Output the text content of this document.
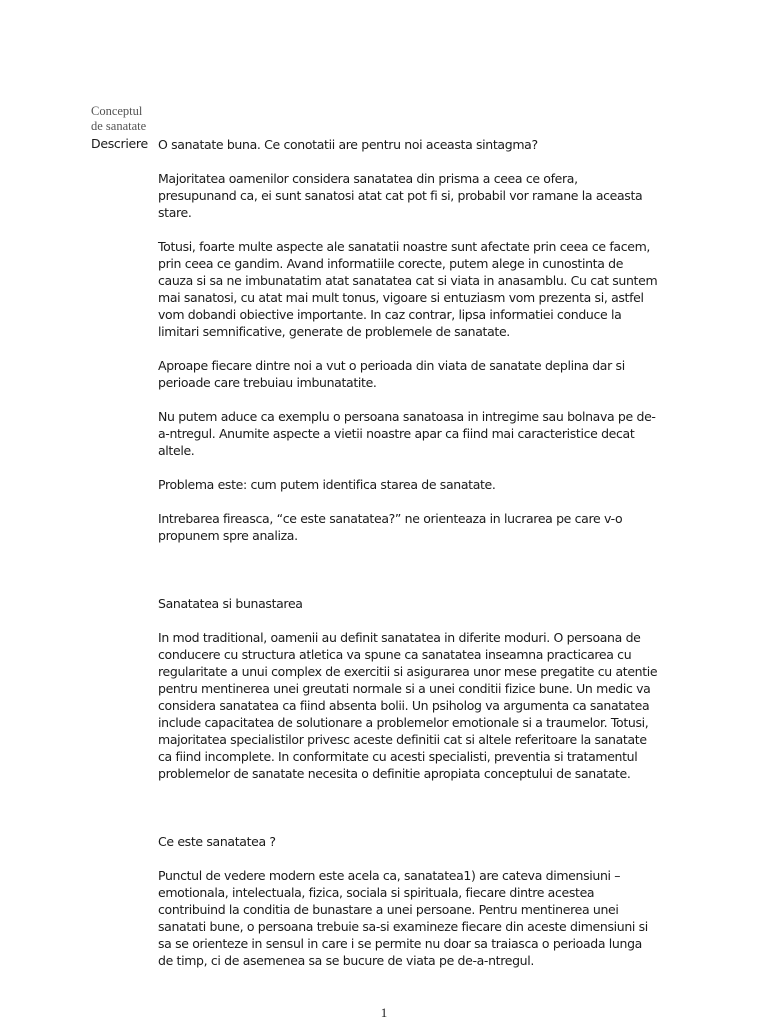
Conceptul de sanatate
Descriere O sanatate buna. Ce conotatii are pentru noi aceasta sintagma?

Majoritatea oamenilor considera sanatatea din prisma a ceea ce ofera, presupunand ca, ei sunt sanatosi atat cat pot fi si, probabil vor ramane la aceasta stare.

Totusi, foarte multe aspecte ale sanatatii noastre sunt afectate prin ceea ce facem, prin ceea ce gandim. Avand informatiile corecte, putem alege in cunostinta de cauza si sa ne imbunatatim atat sanatatea cat si viata in anasamblu. Cu cat suntem mai sanatosi, cu atat mai mult tonus, vigoare si entuziasm vom prezenta si, astfel vom dobandi obiective importante. In caz contrar, lipsa informatiei conduce la limitari semnificative, generate de problemele de sanatate.

Aproape fiecare dintre noi a vut o perioada din viata de sanatate deplina dar si perioade care trebuiau imbunatatite.

Nu putem aduce ca exemplu o persoana sanatoasa in intregime sau bolnava pe de-a-ntregul. Anumite aspecte a vietii noastre apar ca fiind mai caracteristice decat altele.

Problema este: cum putem identifica starea de sanatate.

Intrebarea fireasca, “ce este sanatatea?” ne orienteaza in lucrarea pe care v-o propunem spre analiza.

Sanatatea si bunastarea

In mod traditional, oamenii au definit sanatatea in diferite moduri. O persoana de conducere cu structura atletica va spune ca sanatatea inseamna practicarea cu regularitate a unui complex de exercitii si asigurarea unor mese pregatite cu atentie pentru mentinerea unei greutati normale si a unei conditii fizice bune. Un medic va considera sanatatea ca fiind absenta bolii. Un psiholog va argumenta ca sanatatea include capacitatea de solutionare a problemelor emotionale si a traumelor. Totusi, majoritatea specialistilor privesc aceste definitii cat si altele referitoare la sanatate ca fiind incomplete. In conformitate cu acesti specialisti, preventia si tratamentul problemelor de sanatate necesita o definitie apropiata conceptului de sanatate.

Ce este sanatatea ?

Punctul de vedere modern este acela ca, sanatatea1) are cateva dimensiuni – emotionala, intelectuala, fizica, sociala si spirituala, fiecare dintre acestea contribuind la conditia de bunastare a unei persoane. Pentru mentinerea unei sanatati bune, o persoana trebuie sa-si examineze fiecare din aceste dimensiuni si sa se orienteze in sensul in care i se permite nu doar sa traiasca o perioada lunga de timp, ci de asemenea sa se bucure de viata pe de-a-ntregul.

1
